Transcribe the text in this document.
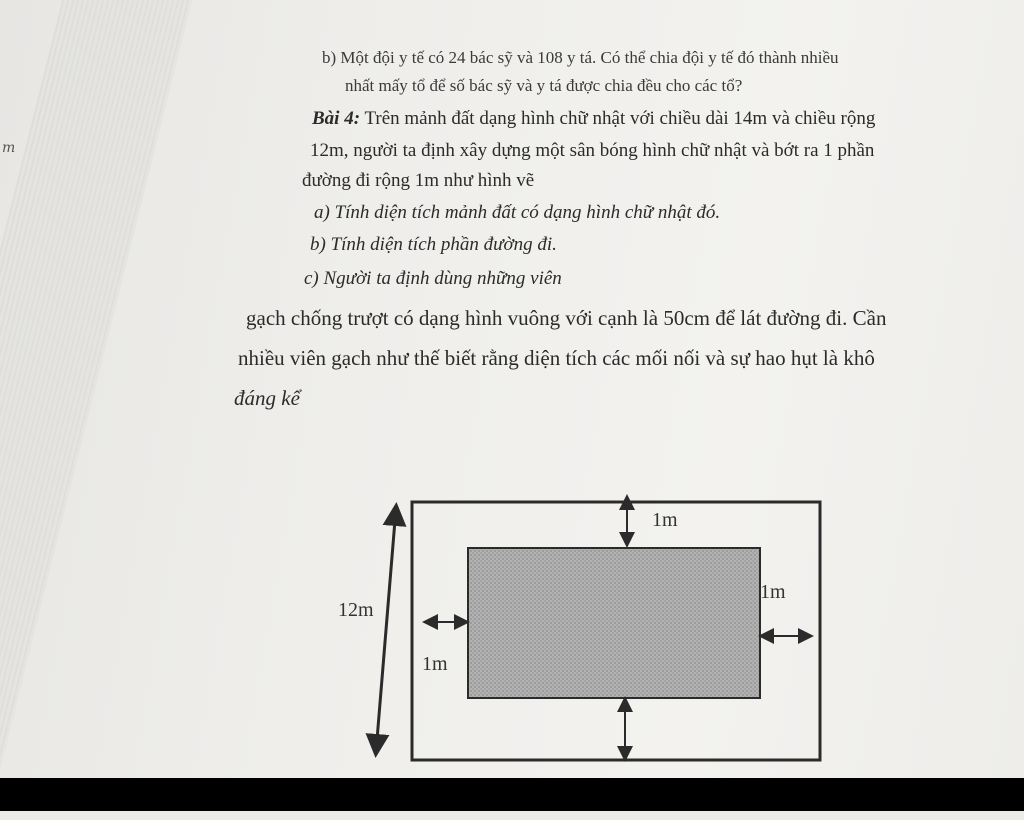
m
b) Một đội y tế có 24 bác sỹ và 108 y tá. Có thể chia đội y tế đó thành nhiều
nhất mấy tổ để số bác sỹ và y tá được chia đều cho các tổ?
Bài 4: Trên mảnh đất dạng hình chữ nhật với chiều dài 14m và chiều rộng
12m, người ta định xây dựng một sân bóng hình chữ nhật và bớt ra 1 phần
đường đi rộng 1m như hình vẽ
a) Tính diện tích mảnh đất có dạng hình chữ nhật đó.
b) Tính diện tích phần đường đi.
c) Người ta định dùng những viên
gạch chống trượt có dạng hình vuông với cạnh là 50cm để lát đường đi. Cần
nhiều viên gạch như thế biết rằng diện tích các mối nối và sự hao hụt là khô
đáng kể
12m
1m
1m
1m
